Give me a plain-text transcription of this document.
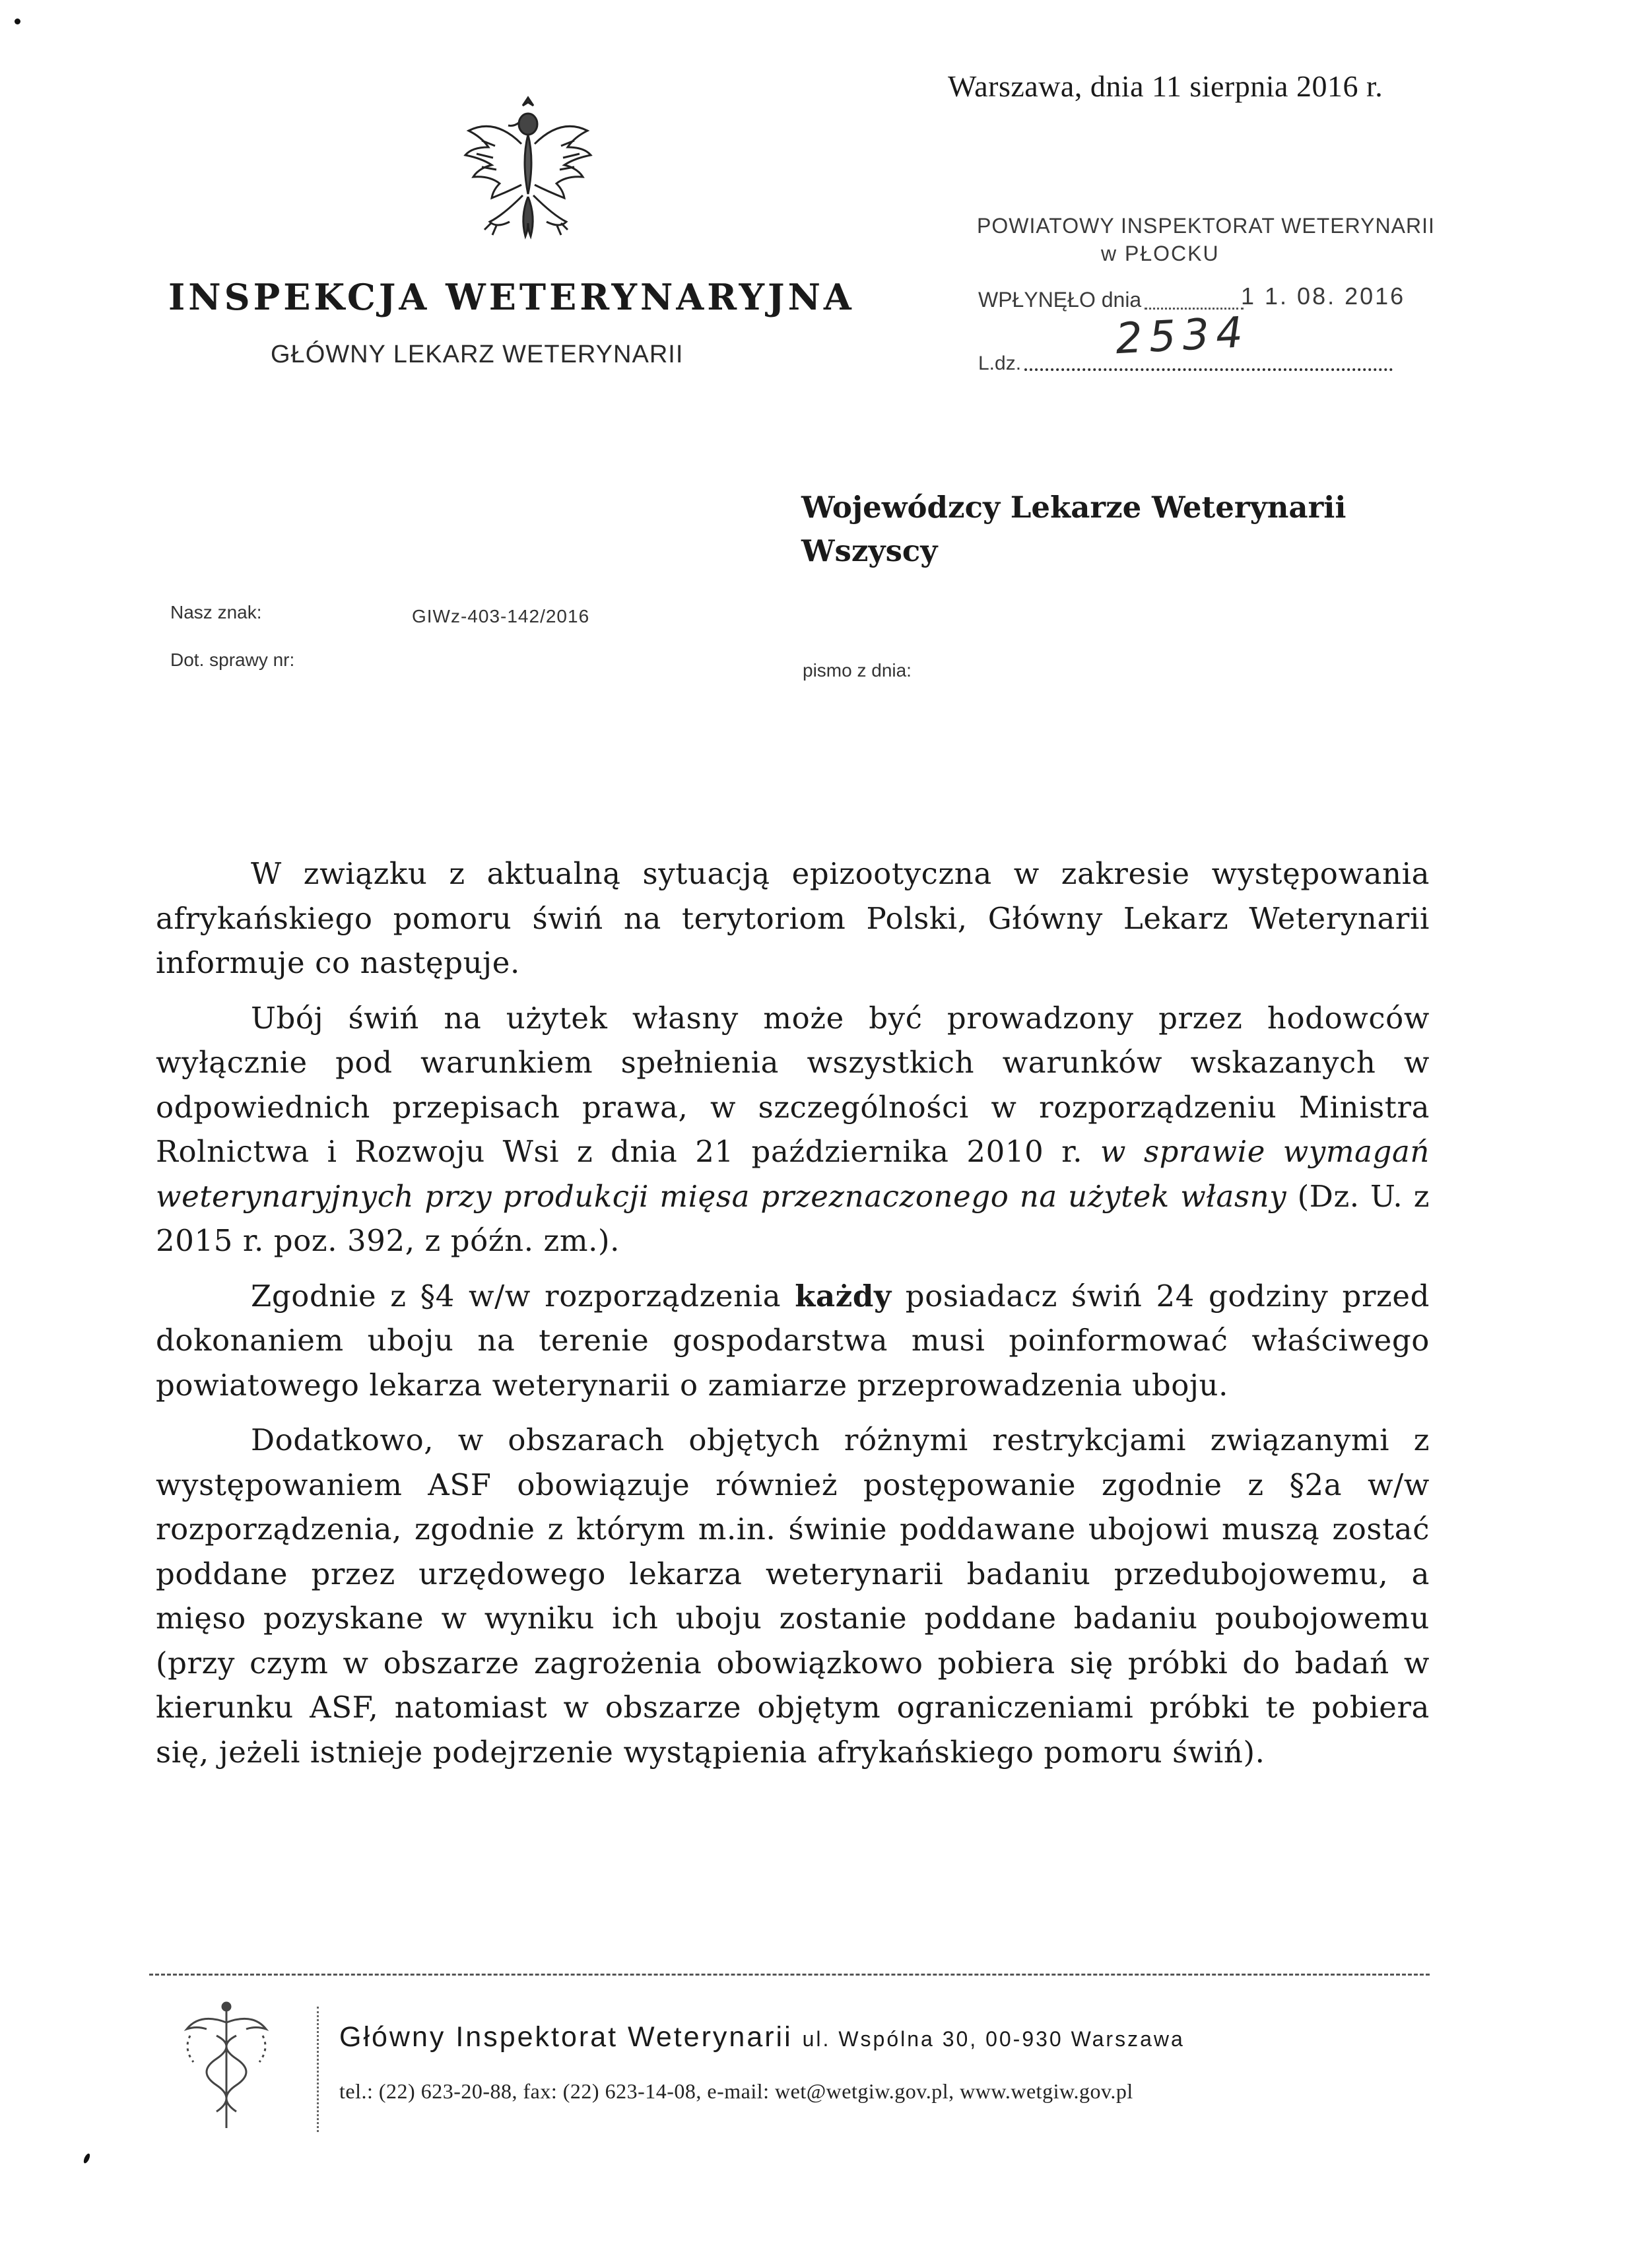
Warszawa, dnia 11 sierpnia 2016 r.
INSPEKCJA WETERYNARYJNA
GŁÓWNY LEKARZ WETERYNARII
POWIATOWY INSPEKTORAT WETERYNARII
w PŁOCKU
WPŁYNĘŁO dnia	1 1. 08. 2016
2534
L.dz.
Wojewódzcy Lekarze Weterynarii
Wszyscy
Nasz znak:	GIWz-403-142/2016
Dot. sprawy nr:
pismo z dnia:

W związku z aktualną sytuacją epizootyczna w zakresie występowania afrykańskiego pomoru świń na terytoriom Polski, Główny Lekarz Weterynarii informuje co następuje.

Ubój świń na użytek własny może być prowadzony przez hodowców wyłącznie pod warunkiem spełnienia wszystkich warunków wskazanych w odpowiednich przepisach prawa, w szczególności w rozporządzeniu Ministra Rolnictwa i Rozwoju Wsi z dnia 21 października 2010 r. w sprawie wymagań weterynaryjnych przy produkcji mięsa przeznaczonego na użytek własny (Dz. U. z 2015 r. poz. 392, z późn. zm.).

Zgodnie z §4 w/w rozporządzenia każdy posiadacz świń 24 godziny przed dokonaniem uboju na terenie gospodarstwa musi poinformować właściwego powiatowego lekarza weterynarii o zamiarze przeprowadzenia uboju.

Dodatkowo, w obszarach objętych różnymi restrykcjami związanymi z występowaniem ASF obowiązuje również postępowanie zgodnie z §2a w/w rozporządzenia, zgodnie z którym m.in. świnie poddawane ubojowi muszą zostać poddane przez urzędowego lekarza weterynarii badaniu przedubojowemu, a mięso pozyskane w wyniku ich uboju zostanie poddane badaniu poubojowemu (przy czym w obszarze zagrożenia obowiązkowo pobiera się próbki do badań w kierunku ASF, natomiast w obszarze objętym ograniczeniami próbki te pobiera się, jeżeli istnieje podejrzenie wystąpienia afrykańskiego pomoru świń).

Główny Inspektorat Weterynarii ul. Wspólna 30, 00-930 Warszawa
tel.: (22) 623-20-88, fax: (22) 623-14-08, e-mail: wet@wetgiw.gov.pl, www.wetgiw.gov.pl
